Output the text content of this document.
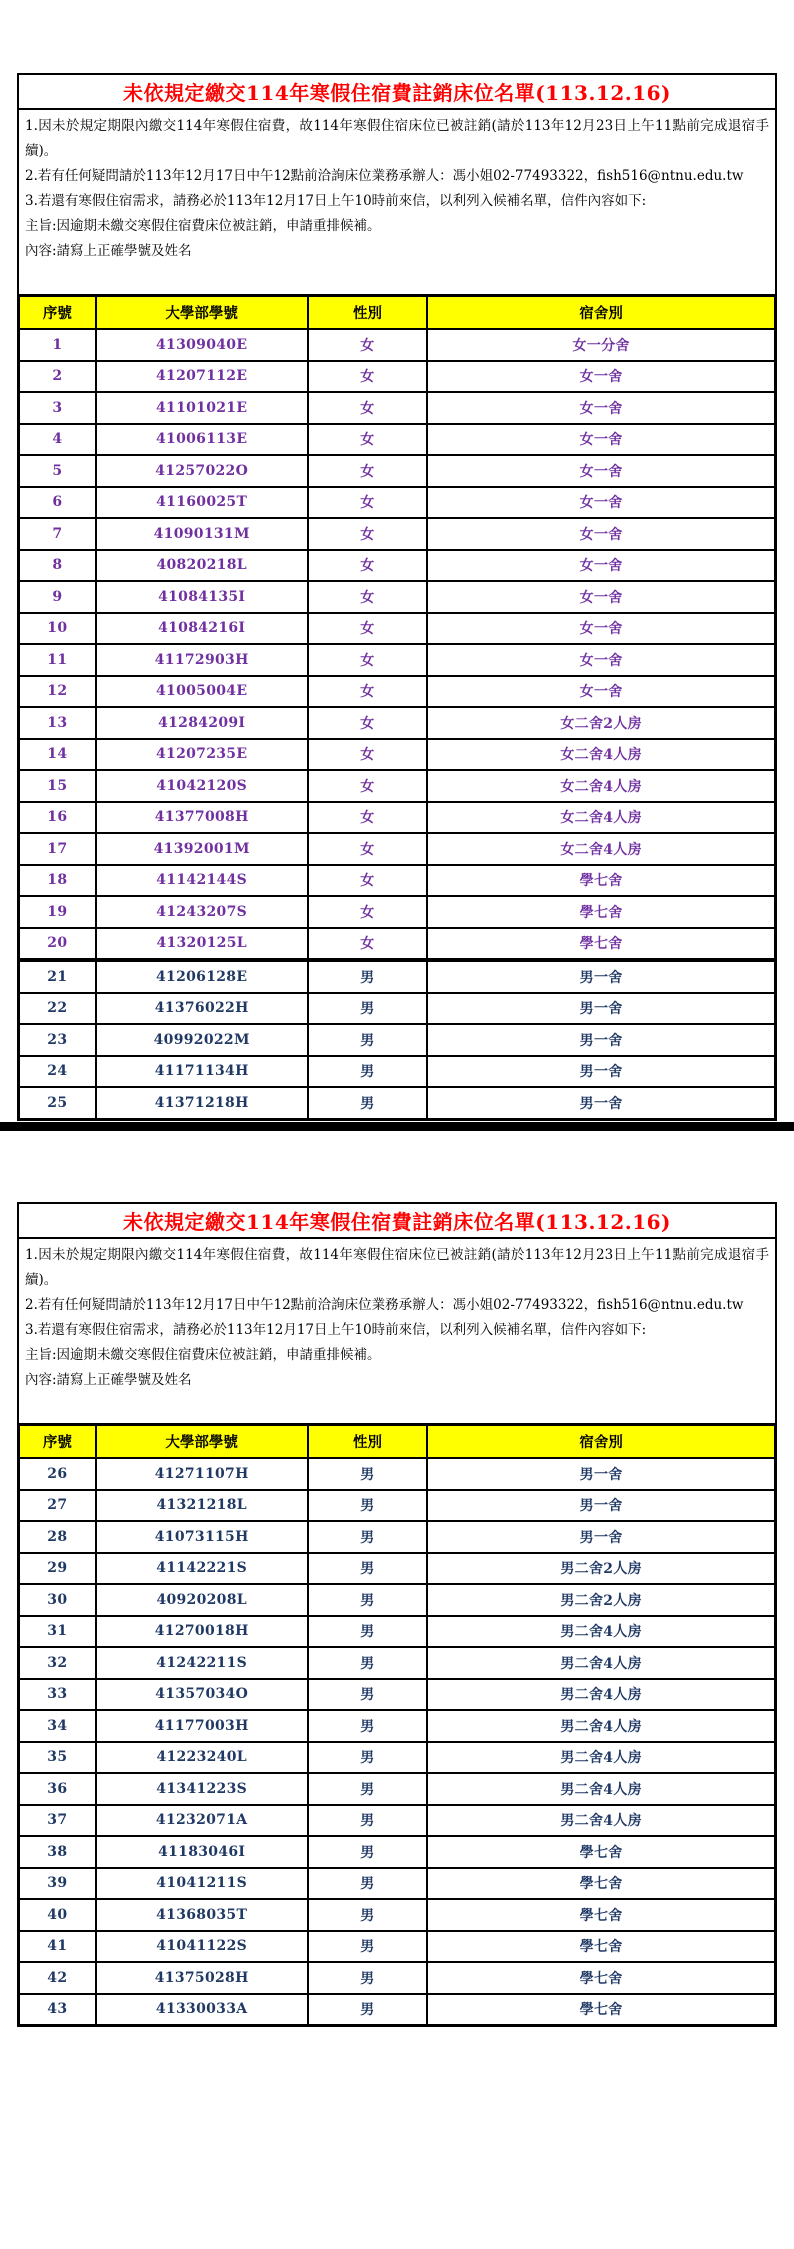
未依規定繳交114年寒假住宿費註銷床位名單(113.12.16)
1.因未於規定期限內繳交114年寒假住宿費，故114年寒假住宿床位已被註銷(請於113年12月23日上午11點前完成退宿手續)。
2.若有任何疑問請於113年12月17日中午12點前洽詢床位業務承辦人：馮小姐02-77493322，fish516@ntnu.edu.tw
3.若還有寒假住宿需求，請務必於113年12月17日上午10時前來信，以利列入候補名單，信件內容如下:
主旨:因逾期未繳交寒假住宿費床位被註銷，申請重排候補。
內容:請寫上正確學號及姓名
序號	大學部學號	性別	宿舍別
1	41309040E	女	女一分舍
2	41207112E	女	女一舍
3	41101021E	女	女一舍
4	41006113E	女	女一舍
5	41257022O	女	女一舍
6	41160025T	女	女一舍
7	41090131M	女	女一舍
8	40820218L	女	女一舍
9	41084135I	女	女一舍
10	41084216I	女	女一舍
11	41172903H	女	女一舍
12	41005004E	女	女一舍
13	41284209I	女	女二舍2人房
14	41207235E	女	女二舍4人房
15	41042120S	女	女二舍4人房
16	41377008H	女	女二舍4人房
17	41392001M	女	女二舍4人房
18	41142144S	女	學七舍
19	41243207S	女	學七舍
20	41320125L	女	學七舍
21	41206128E	男	男一舍
22	41376022H	男	男一舍
23	40992022M	男	男一舍
24	41171134H	男	男一舍
25	41371218H	男	男一舍
未依規定繳交114年寒假住宿費註銷床位名單(113.12.16)
1.因未於規定期限內繳交114年寒假住宿費，故114年寒假住宿床位已被註銷(請於113年12月23日上午11點前完成退宿手續)。
2.若有任何疑問請於113年12月17日中午12點前洽詢床位業務承辦人：馮小姐02-77493322，fish516@ntnu.edu.tw
3.若還有寒假住宿需求，請務必於113年12月17日上午10時前來信，以利列入候補名單，信件內容如下:
主旨:因逾期未繳交寒假住宿費床位被註銷，申請重排候補。
內容:請寫上正確學號及姓名
序號	大學部學號	性別	宿舍別
26	41271107H	男	男一舍
27	41321218L	男	男一舍
28	41073115H	男	男一舍
29	41142221S	男	男二舍2人房
30	40920208L	男	男二舍2人房
31	41270018H	男	男二舍4人房
32	41242211S	男	男二舍4人房
33	41357034O	男	男二舍4人房
34	41177003H	男	男二舍4人房
35	41223240L	男	男二舍4人房
36	41341223S	男	男二舍4人房
37	41232071A	男	男二舍4人房
38	41183046I	男	學七舍
39	41041211S	男	學七舍
40	41368035T	男	學七舍
41	41041122S	男	學七舍
42	41375028H	男	學七舍
43	41330033A	男	學七舍
